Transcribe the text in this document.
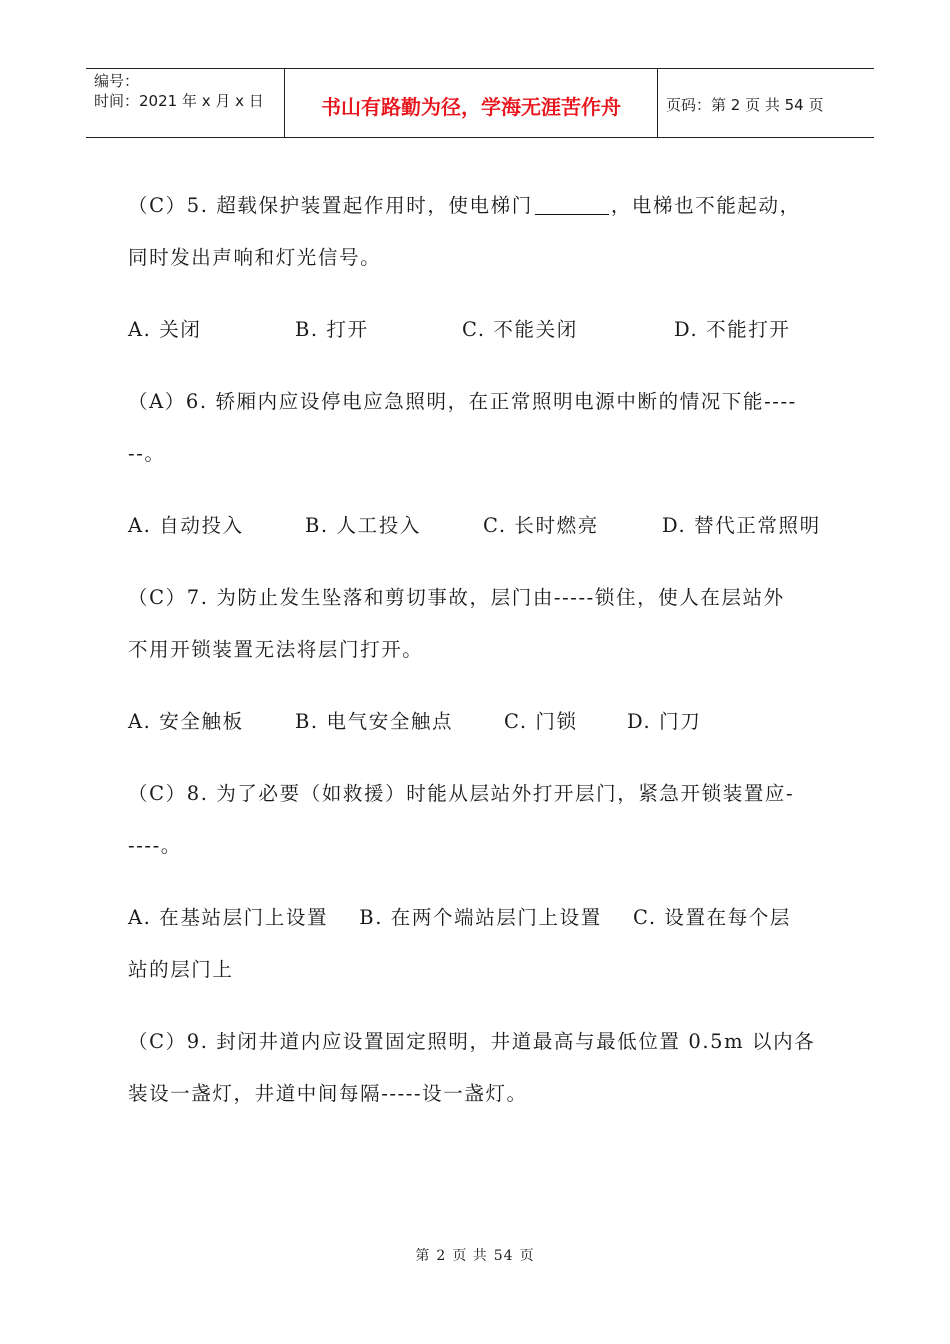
编号：
时间：2021 年 x 月 x 日	书山有路勤为径，学海无涯苦作舟	页码：第 2 页 共 54 页

（C）5. 超载保护装置起作用时，使电梯门	，电梯也不能起动，

同时发出声响和灯光信号。

A. 关闭	B. 打开	C. 不能关闭	D. 不能打开

（A）6. 轿厢内应设停电应急照明，在正常照明电源中断的情况下能----

--。

A. 自动投入	B. 人工投入	C. 长时燃亮	D. 替代正常照明

（C）7. 为防止发生坠落和剪切事故，层门由-----锁住，使人在层站外

不用开锁装置无法将层门打开。

A. 安全触板	B. 电气安全触点	C. 门锁	D. 门刀

（C）8. 为了必要（如救援）时能从层站外打开层门，紧急开锁装置应-

----。

A. 在基站层门上设置    B. 在两个端站层门上设置    C. 设置在每个层

站的层门上

（C）9. 封闭井道内应设置固定照明，井道最高与最低位置 0.5m 以内各

装设一盏灯，井道中间每隔-----设一盏灯。

第 2 页 共 54 页
